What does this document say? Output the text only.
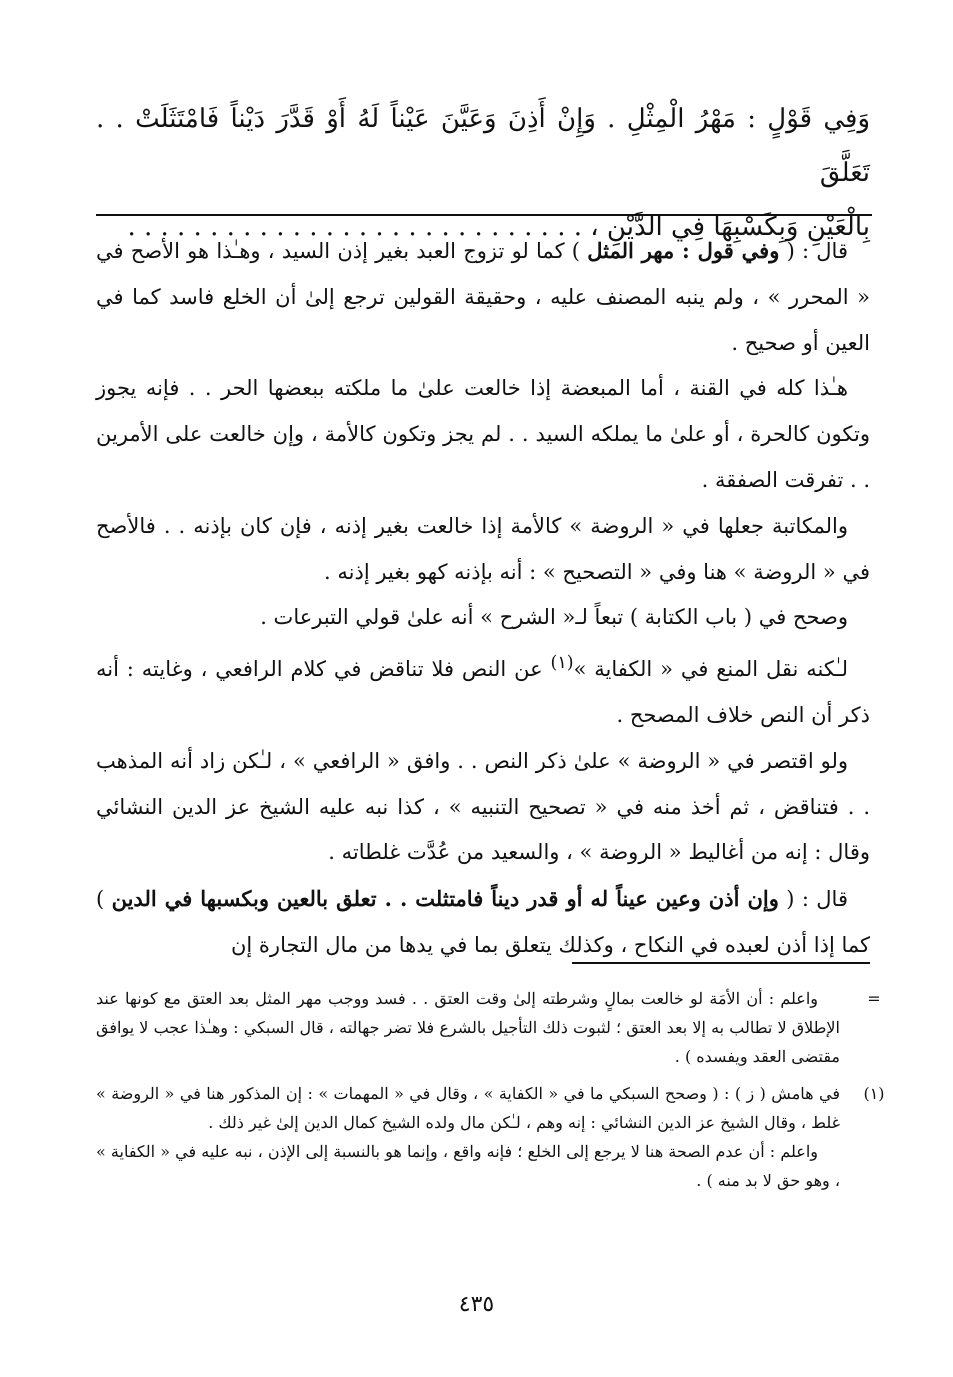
وَفِي قَوْلٍ : مَهْرُ الْمِثْلِ . وَإِنْ أَذِنَ وَعَيَّنَ عَيْناً لَهُ أَوْ قَدَّرَ دَيْناً فَامْتَثَلَتْ . . تَعَلَّقَ
بِالْعَيْنِ وَبِكَسْبِهَا فِي الدَّيْنِ ، . . . . . . . . . . . . . . . . . . . . . . . . . . . .

قال : ( وفي قول : مهر المثل ) كما لو تزوج العبد بغير إذن السيد ، وهـٰذا هو الأصح في « المحرر » ، ولم ينبه المصنف عليه ، وحقيقة القولين ترجع إلىٰ أن الخلع فاسد كما في العين أو صحيح .

هـٰذا كله في القنة ، أما المبعضة إذا خالعت علىٰ ما ملكته ببعضها الحر . . فإنه يجوز وتكون كالحرة ، أو علىٰ ما يملكه السيد . . لم يجز وتكون كالأمة ، وإن خالعت على الأمرين . . تفرقت الصفقة .

والمكاتبة جعلها في « الروضة » كالأمة إذا خالعت بغير إذنه ، فإن كان بإذنه . . فالأصح في « الروضة » هنا وفي « التصحيح » : أنه بإذنه كهو بغير إذنه .

وصحح في ( باب الكتابة ) تبعاً لـ« الشرح » أنه علىٰ قولي التبرعات .

لـٰكنه نقل المنع في « الكفاية »$^{(١)}$ عن النص فلا تناقض في كلام الرافعي ، وغايته : أنه ذكر أن النص خلاف المصحح .

ولو اقتصر في « الروضة » علىٰ ذكر النص . . وافق « الرافعي » ، لـٰكن زاد أنه المذهب . . فتناقض ، ثم أخذ منه في « تصحيح التنبيه » ، كذا نبه عليه الشيخ عز الدين النشائي وقال : إنه من أغاليط « الروضة » ، والسعيد من عُدَّت غلطاته .

قال : ( وإن أذن وعين عيناً له أو قدر ديناً فامتثلت . . تعلق بالعين وبكسبها في الدين ) كما إذا أذن لعبده في النكاح ، وكذلك يتعلق بما في يدها من مال التجارة إن

=
واعلم : أن الأمَة لو خالعت بمالٍ وشرطته إلىٰ وقت العتق . . فسد ووجب مهر المثل بعد العتق مع كونها عند الإطلاق لا تطالب به إلا بعد العتق ؛ لثبوت ذلك التأجيل بالشرع فلا تضر جهالته ، قال السبكي : وهـٰذا عجب لا يوافق مقتضى العقد ويفسده ) .
(١)
في هامش ( ز ) : ( وصحح السبكي ما في « الكفاية » ، وقال في « المهمات » : إن المذكور هنا في « الروضة » غلط ، وقال الشيخ عز الدين النشائي : إنه وهم ، لـٰكن مال ولده الشيخ كمال الدين إلىٰ غير ذلك .
واعلم : أن عدم الصحة هنا لا يرجع إلى الخلع ؛ فإنه واقع ، وإنما هو بالنسبة إلى الإذن ، نبه عليه في « الكفاية » ، وهو حق لا بد منه ) .
٤٣٥
